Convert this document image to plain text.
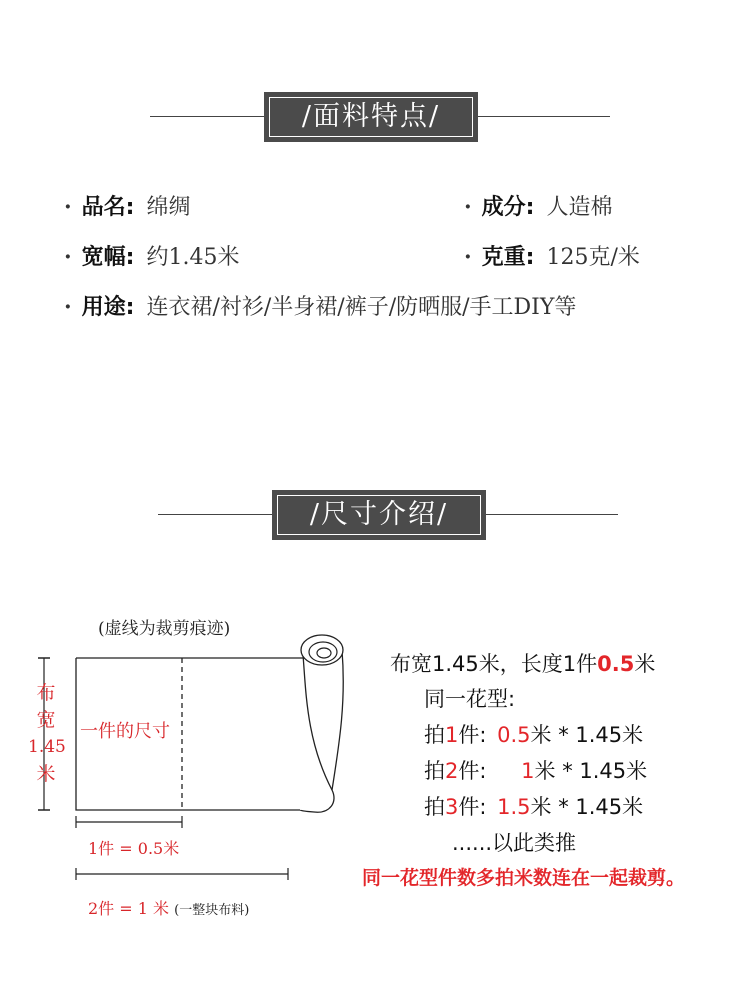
/面料特点/
· 品名: 绵绸	· 成分: 人造棉
· 宽幅: 约1.45米	· 克重: 125克/米
· 用途: 连衣裙/衬衫/半身裙/裤子/防晒服/手工DIY等
/尺寸介绍/
(虚线为裁剪痕迹)
布
宽
1.45
米
一件的尺寸
1件 = 0.5米
2件 = 1 米 (一整块布料)
布宽1.45米，长度1件0.5米
同一花型:
拍1件: 0.5米 * 1.45米
拍2件: 1米 * 1.45米
拍3件: 1.5米 * 1.45米
......以此类推
同一花型件数多拍米数连在一起裁剪。
